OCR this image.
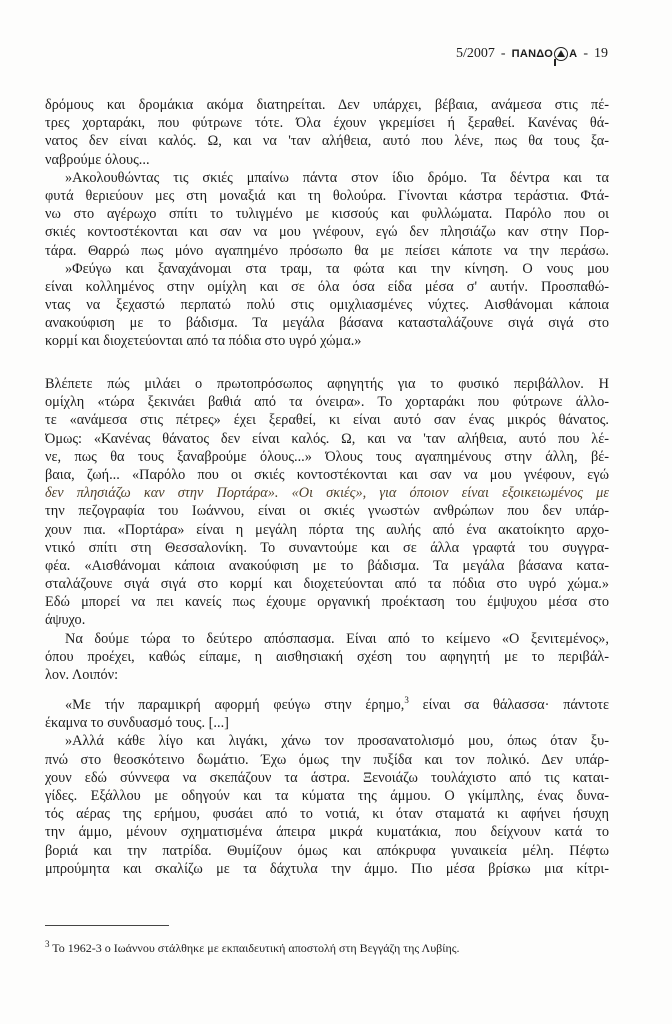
5/2007 - ΠΑΝΔΟ Α - 19
δρόμους και δρομάκια ακόμα διατηρείται. Δεν υπάρχει, βέβαια, ανάμεσα στις πέ-
τρες χορταράκι, που φύτρωνε τότε. Όλα έχουν γκρεμίσει ή ξεραθεί. Κανένας θά-
νατος δεν είναι καλός. Ω, και να 'ταν αλήθεια, αυτό που λένε, πως θα τους ξα-
ναβρούμε όλους...
»Ακολουθώντας τις σκιές μπαίνω πάντα στον ίδιο δρόμο. Τα δέντρα και τα
φυτά θεριεύουν μες στη μοναξιά και τη θολούρα. Γίνονται κάστρα τεράστια. Φτά-
νω στο αγέρωχο σπίτι το τυλιγμένο με κισσούς και φυλλώματα. Παρόλο που οι
σκιές κοντοστέκονται και σαν να μου γνέφουν, εγώ δεν πλησιάζω καν στην Πορ-
τάρα. Θαρρώ πως μόνο αγαπημένο πρόσωπο θα με πείσει κάποτε να την περάσω.
»Φεύγω και ξαναχάνομαι στα τραμ, τα φώτα και την κίνηση. Ο νους μου
είναι κολλημένος στην ομίχλη και σε όλα όσα είδα μέσα σ' αυτήν. Προσπαθώ-
ντας να ξεχαστώ περπατώ πολύ στις ομιχλιασμένες νύχτες. Αισθάνομαι κάποια
ανακούφιση με το βάδισμα. Τα μεγάλα βάσανα κατασταλάζουνε σιγά σιγά στο
κορμί και διοχετεύονται από τα πόδια στο υγρό χώμα.»
Βλέπετε πώς μιλάει ο πρωτοπρόσωπος αφηγητής για το φυσικό περιβάλλον. Η
ομίχλη «τώρα ξεκινάει βαθιά από τα όνειρα». Το χορταράκι που φύτρωνε άλλο-
τε «ανάμεσα στις πέτρες» έχει ξεραθεί, κι είναι αυτό σαν ένας μικρός θάνατος.
Όμως: «Κανένας θάνατος δεν είναι καλός. Ω, και να 'ταν αλήθεια, αυτό που λέ-
νε, πως θα τους ξαναβρούμε όλους...» Όλους τους αγαπημένους στην άλλη, βέ-
βαια, ζωή... «Παρόλο που οι σκιές κοντοστέκονται και σαν να μου γνέφουν, εγώ
δεν πλησιάζω καν στην Πορτάρα». «Οι σκιές», για όποιον είναι εξοικειωμένος με
την πεζογραφία του Ιωάννου, είναι οι σκιές γνωστών ανθρώπων που δεν υπάρ-
χουν πια. «Πορτάρα» είναι η μεγάλη πόρτα της αυλής από ένα ακατοίκητο αρχο-
ντικό σπίτι στη Θεσσαλονίκη. Το συναντούμε και σε άλλα γραφτά του συγγρα-
φέα. «Αισθάνομαι κάποια ανακούφιση με το βάδισμα. Τα μεγάλα βάσανα κατα-
σταλάζουνε σιγά σιγά στο κορμί και διοχετεύονται από τα πόδια στο υγρό χώμα.»
Εδώ μπορεί να πει κανείς πως έχουμε οργανική προέκταση του έμψυχου μέσα στο
άψυχο.
Να δούμε τώρα το δεύτερο απόσπασμα. Είναι από το κείμενο «Ο ξενιτεμένος»,
όπου προέχει, καθώς είπαμε, η αισθησιακή σχέση του αφηγητή με το περιβάλ-
λον. Λοιπόν:
«Με τήν παραμικρή αφορμή φεύγω στην έρημο,$^3$ είναι σα θάλασσα· πάντοτε
έκαμνα το συνδυασμό τους. [...]
»Αλλά κάθε λίγο και λιγάκι, χάνω τον προσανατολισμό μου, όπως όταν ξυ-
πνώ στο θεοσκότεινο δωμάτιο. Έχω όμως την πυξίδα και τον πολικό. Δεν υπάρ-
χουν εδώ σύννεφα να σκεπάζουν τα άστρα. Ξενοιάζω τουλάχιστο από τις καται-
γίδες. Εξάλλου με οδηγούν και τα κύματα της άμμου. Ο γκίμπλης, ένας δυνα-
τός αέρας της ερήμου, φυσάει από το νοτιά, κι όταν σταματά κι αφήνει ήσυχη
την άμμο, μένουν σχηματισμένα άπειρα μικρά κυματάκια, που δείχνουν κατά το
βοριά και την πατρίδα. Θυμίζουν όμως και απόκρυφα γυναικεία μέλη. Πέφτω
μπρούμητα και σκαλίζω με τα δάχτυλα την άμμο. Πιο μέσα βρίσκω μια κίτρι-
$^3$ Το 1962-3 ο Ιωάννου στάλθηκε με εκπαιδευτική αποστολή στη Βεγγάζη της Λυβίης.
